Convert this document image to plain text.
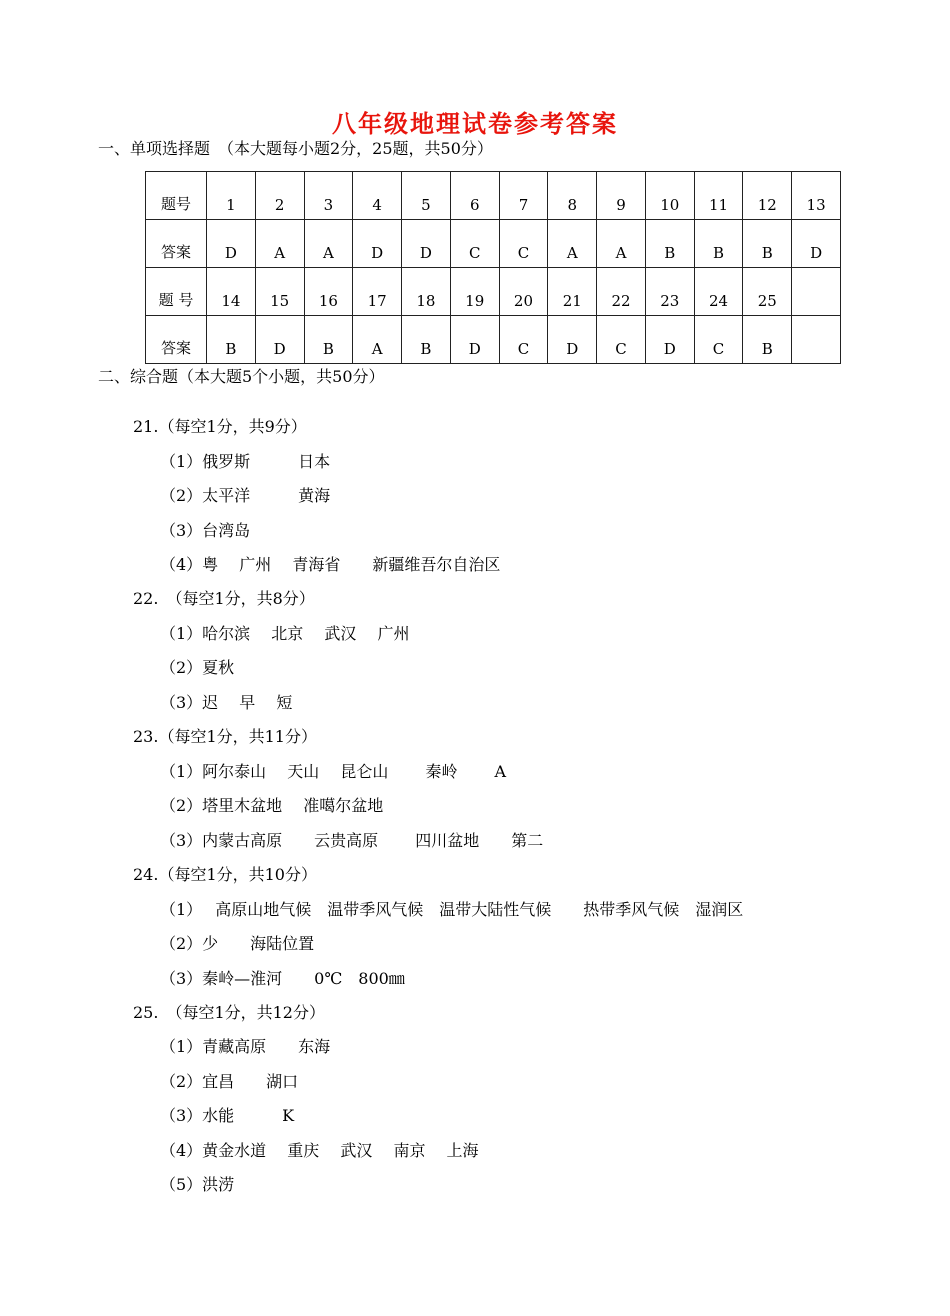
八年级地理试卷参考答案
一、单项选择题　（本大题每小题2分，25题，共50分）
题号	1	2	3	4	5	6	7	8	9	10	11	12	13
答案	D	A	A	D	D	C	C	A	A	B	B	B	D
题 号	14	15	16	17	18	19	20	21	22	23	24	25	
答案	B	D	B	A	B	D	C	D	C	D	C	B	
二、综合题（本大题5个小题，共50分）
21.（每空1分，共9分）
（1）俄罗斯　　　日本
（2）太平洋　　　黄海
（3）台湾岛
（4）粤　 广州　 青海省　　新疆维吾尔自治区
22.　（每空1分，共8分）
（1）哈尔滨　 北京　 武汉　 广州
（2）夏秋
（3）迟　 早　 短
23.（每空1分，共11分）
（1）阿尔泰山　 天山　 昆仑山　　 秦岭　　 A
（2）塔里木盆地　 准噶尔盆地
（3）内蒙古高原　　云贵高原　　 四川盆地　　第二
24.（每空1分，共10分）
（1）　 高原山地气候　温带季风气候　温带大陆性气候　　热带季风气候　湿润区
（2）少　　海陆位置
（3）秦岭—淮河　　0℃　800㎜
25.　（每空1分，共12分）
（1）青藏高原　　东海
（2）宜昌　　湖口
（3）水能　　　K
（4）黄金水道　 重庆　 武汉　 南京　 上海
（5）洪涝
